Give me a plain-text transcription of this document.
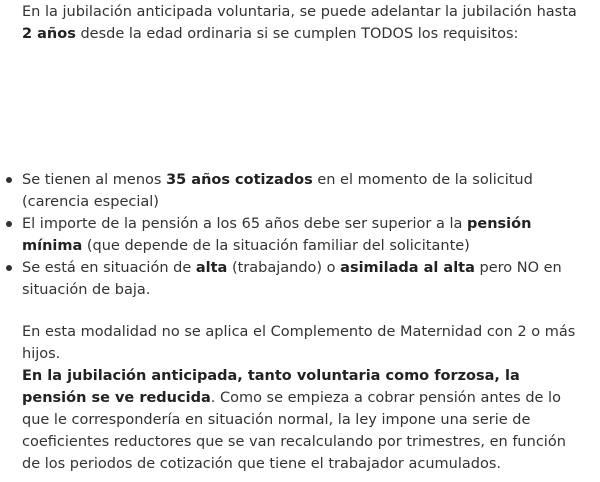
En la jubilación anticipada voluntaria, se puede adelantar la jubilación hasta 2 años desde la edad ordinaria si se cumplen TODOS los requisitos:

Se tienen al menos 35 años cotizados en el momento de la solicitud (carencia especial)
El importe de la pensión a los 65 años debe ser superior a la pensión mínima (que depende de la situación familiar del solicitante)
Se está en situación de alta (trabajando) o asimilada al alta pero NO en situación de baja.

En esta modalidad no se aplica el Complemento de Maternidad con 2 o más hijos.

En la jubilación anticipada, tanto voluntaria como forzosa, la pensión se ve reducida. Como se empieza a cobrar pensión antes de lo que le correspondería en situación normal, la ley impone una serie de coeficientes reductores que se van recalculando por trimestres, en función de los periodos de cotización que tiene el trabajador acumulados.
